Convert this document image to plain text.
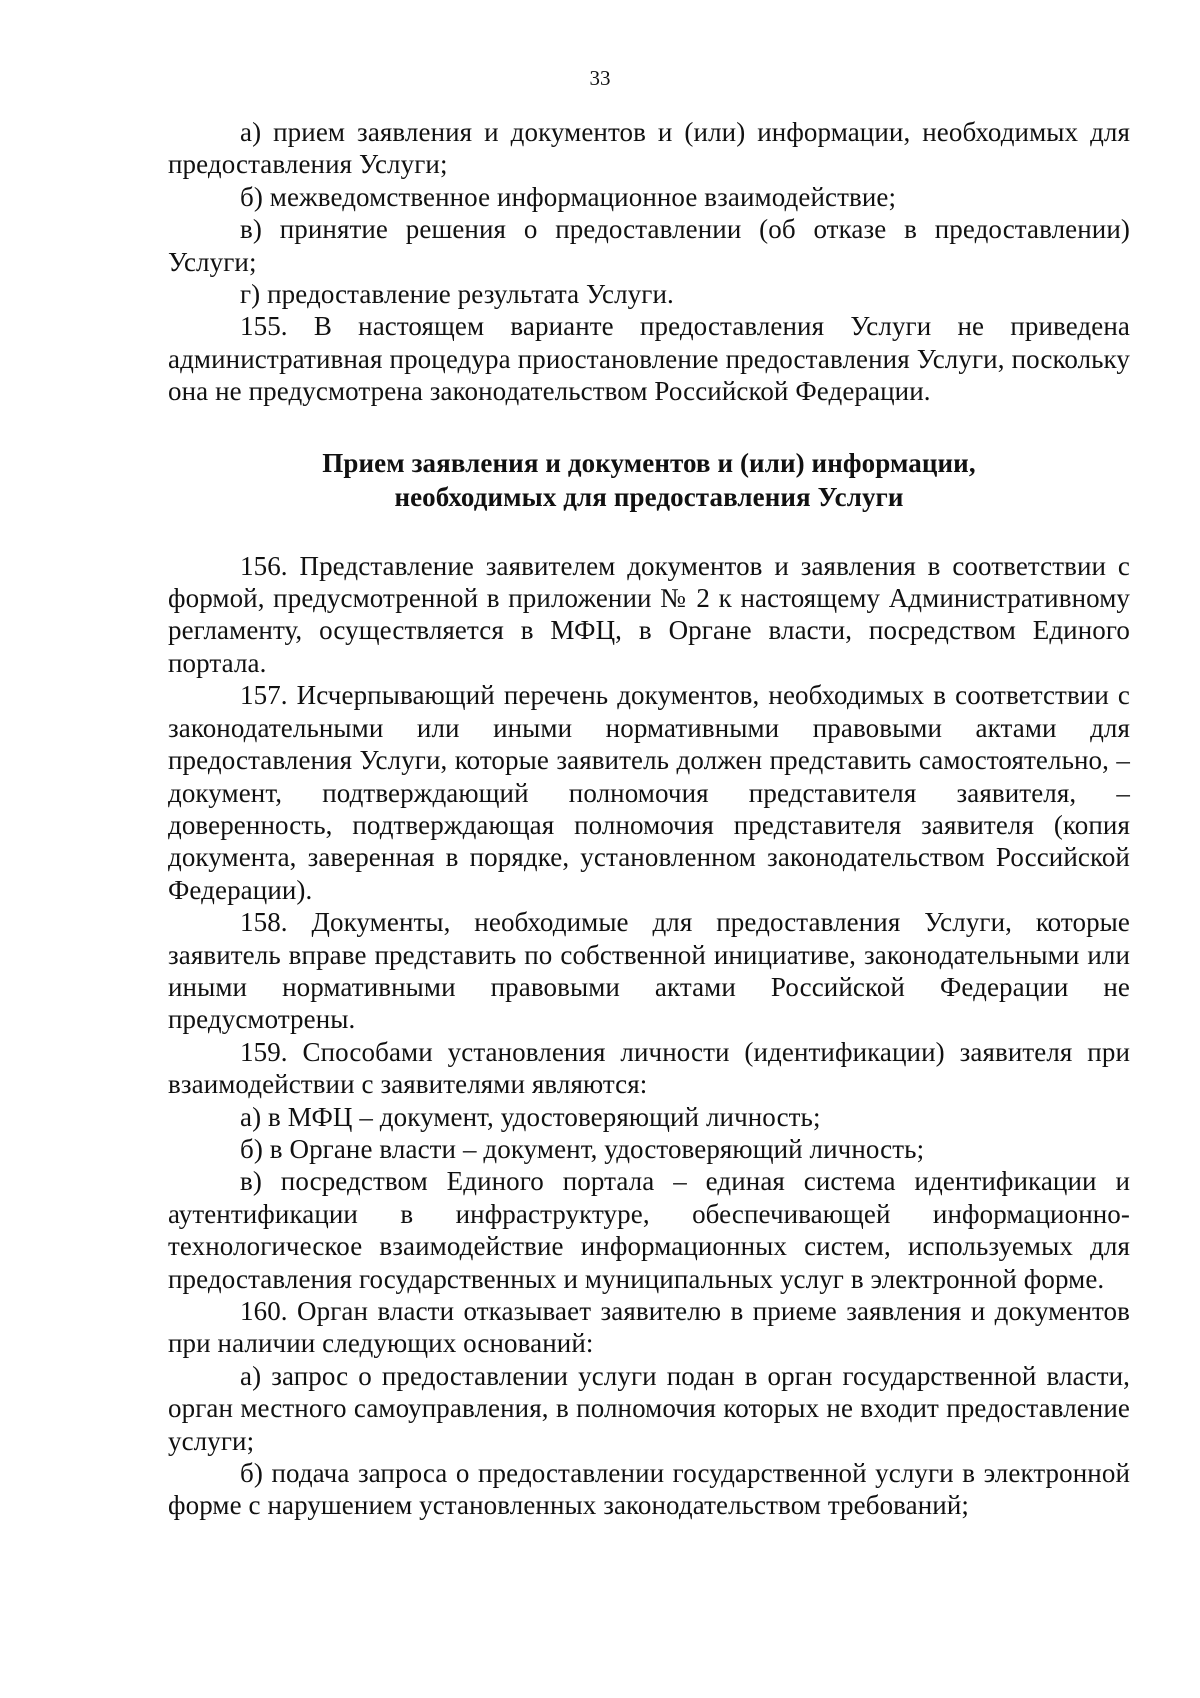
33

а) прием заявления и документов и (или) информации, необходимых для предоставления Услуги;

б) межведомственное информационное взаимодействие;

в) принятие решения о предоставлении (об отказе в предоставлении) Услуги;

г) предоставление результата Услуги.

155. В настоящем варианте предоставления Услуги не приведена административная процедура приостановление предоставления Услуги, поскольку она не предусмотрена законодательством Российской Федерации.

Прием заявления и документов и (или) информации,
необходимых для предоставления Услуги

156. Представление заявителем документов и заявления в соответствии с формой, предусмотренной в приложении № 2 к настоящему Административному регламенту, осуществляется в МФЦ, в Органе власти, посредством Единого портала.

157. Исчерпывающий перечень документов, необходимых в соответствии с законодательными или иными нормативными правовыми актами для предоставления Услуги, которые заявитель должен представить самостоятельно, – документ, подтверждающий полномочия представителя заявителя, – доверенность, подтверждающая полномочия представителя заявителя (копия документа, заверенная в порядке, установленном законодательством Российской Федерации).

158. Документы, необходимые для предоставления Услуги, которые заявитель вправе представить по собственной инициативе, законодательными или иными нормативными правовыми актами Российской Федерации не предусмотрены.

159. Способами установления личности (идентификации) заявителя при взаимодействии с заявителями являются:

а) в МФЦ – документ, удостоверяющий личность;

б) в Органе власти – документ, удостоверяющий личность;

в) посредством Единого портала – единая система идентификации и аутентификации в инфраструктуре, обеспечивающей информационно-технологическое взаимодействие информационных систем, используемых для предоставления государственных и муниципальных услуг в электронной форме.

160. Орган власти отказывает заявителю в приеме заявления и документов при наличии следующих оснований:

а) запрос о предоставлении услуги подан в орган государственной власти, орган местного самоуправления, в полномочия которых не входит предоставление услуги;

б) подача запроса о предоставлении государственной услуги в электронной форме с нарушением установленных законодательством требований;
